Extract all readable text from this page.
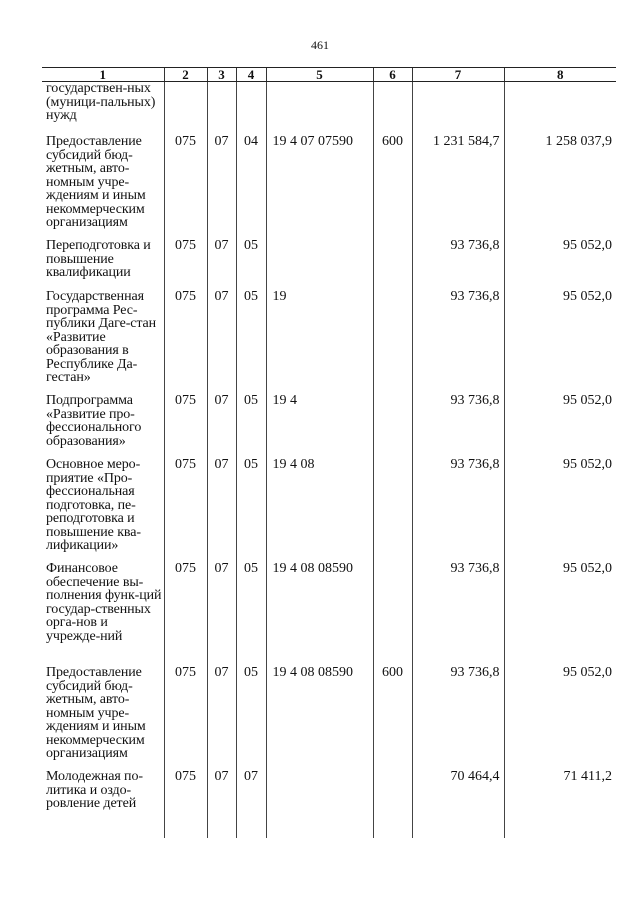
461
1	2	3	4	5	6	7	8
государствен-ных (муници-пальных) нужд							
Предоставление субсидий бюд-жетным, авто-номным учре-ждениям и иным некоммерческим организациям	075	07	04	19 4 07 07590	600	1 231 584,7	1 258 037,9
Переподготовка и повышение квалификации	075	07	05			93 736,8	95 052,0
Государственная программа Рес-публики Даге-стан «Развитие образования в Республике Да-гестан»	075	07	05	19		93 736,8	95 052,0
Подпрограмма «Развитие про-фессионального образования»	075	07	05	19 4		93 736,8	95 052,0
Основное меро-приятие «Про-фессиональная подготовка, пе-реподготовка и повышение ква-лификации»	075	07	05	19 4 08		93 736,8	95 052,0
Финансовое обеспечение вы-полнения функ-ций государ-ственных орга-нов и учрежде-ний	075	07	05	19 4 08 08590		93 736,8	95 052,0
Предоставление субсидий бюд-жетным, авто-номным учре-ждениям и иным некоммерческим организациям	075	07	05	19 4 08 08590	600	93 736,8	95 052,0
Молодежная по-литика и оздо-ровление детей	075	07	07			70 464,4	71 411,2
